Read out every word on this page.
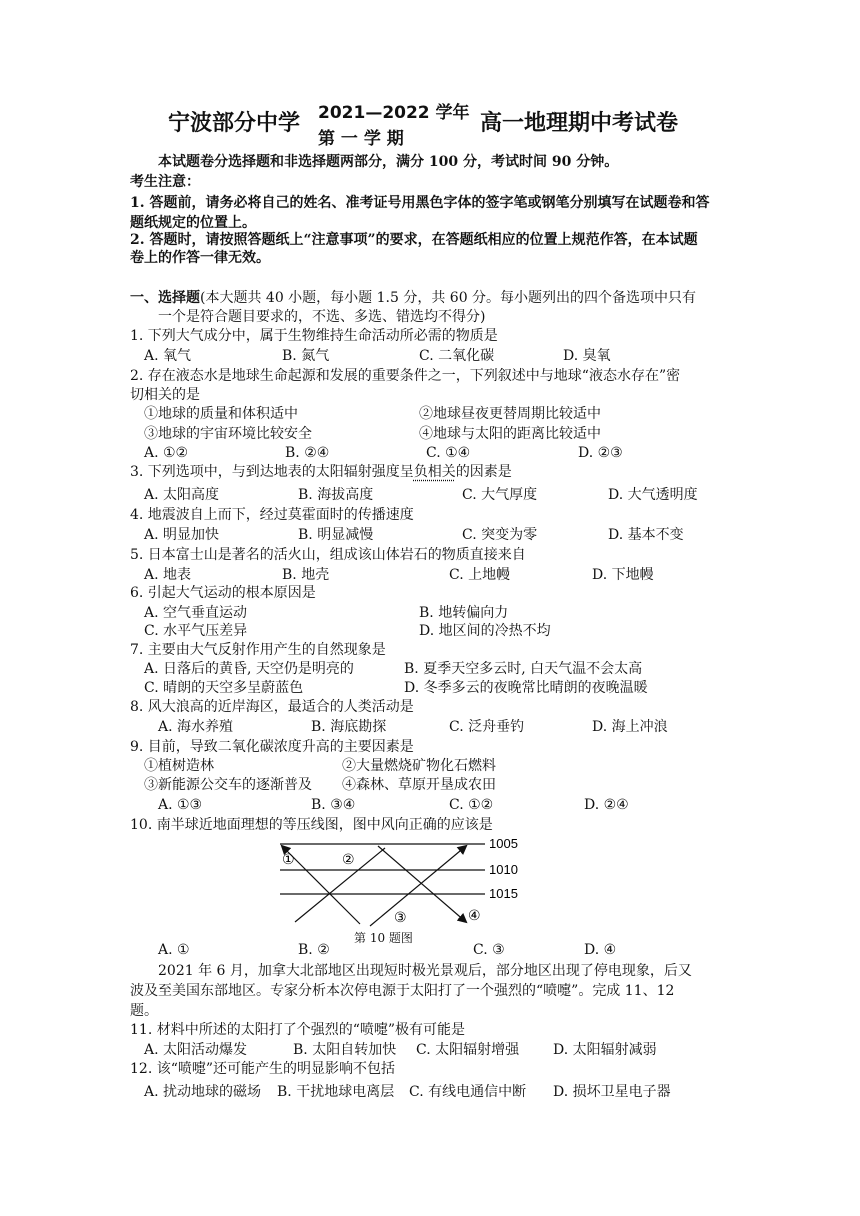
宁波部分中学 2021—2022 学年
第 一 学 期
高一地理期中考试卷
本试题卷分选择题和非选择题两部分，满分 100 分，考试时间 90 分钟。
考生注意：
1. 答题前，请务必将自己的姓名、准考证号用黑色字体的签字笔或钢笔分别填写在试题卷和答
题纸规定的位置上。
2. 答题时，请按照答题纸上“注意事项”的要求，在答题纸相应的位置上规范作答，在本试题
卷上的作答一律无效。
一、选择题(本大题共 40 小题，每小题 1.5 分，共 60 分。每小题列出的四个备选项中只有
一个是符合题目要求的，不选、多选、错选均不得分)
1. 下列大气成分中，属于生物维持生命活动所必需的物质是
A. 氧气	B. 氮气	C. 二氧化碳	D. 臭氧
2. 存在液态水是地球生命起源和发展的重要条件之一，下列叙述中与地球“液态水存在”密
切相关的是
①地球的质量和体积适中	②地球昼夜更替周期比较适中
③地球的宇宙环境比较安全	④地球与太阳的距离比较适中
A. ①②	B. ②④	C. ①④	D. ②③
3. 下列选项中，与到达地表的太阳辐射强度呈负相关的因素是
A. 太阳高度	B. 海拔高度	C. 大气厚度	D. 大气透明度
4. 地震波自上而下，经过莫霍面时的传播速度
A. 明显加快	B. 明显减慢	C. 突变为零	D. 基本不变
5. 日本富士山是著名的活火山，组成该山体岩石的物质直接来自
A. 地表	B. 地壳	C. 上地幔	D. 下地幔
6. 引起大气运动的根本原因是
A. 空气垂直运动	B. 地转偏向力
C. 水平气压差异	D. 地区间的冷热不均
7. 主要由大气反射作用产生的自然现象是
A. 日落后的黄昏, 天空仍是明亮的	B. 夏季天空多云时, 白天气温不会太高
C. 晴朗的天空多呈蔚蓝色	D. 冬季多云的夜晚常比晴朗的夜晚温暖
8. 风大浪高的近岸海区，最适合的人类活动是
A. 海水养殖	B. 海底勘探	C. 泛舟垂钓	D. 海上冲浪
9. 目前，导致二氧化碳浓度升高的主要因素是
①植树造林	②大量燃烧矿物化石燃料
③新能源公交车的逐渐普及 ④森林、草原开垦成农田
A. ①③	B. ③④	C. ①②	D. ②④
10. 南半球近地面理想的等压线图，图中风向正确的应该是
1005
1010
1015
①	②
③	④
第 10 题图
A. ①	B. ②	C. ③	D. ④
2021 年 6 月，加拿大北部地区出现短时极光景观后，部分地区出现了停电现象，后又
波及至美国东部地区。专家分析本次停电源于太阳打了一个强烈的“喷嚏”。完成 11、12
题。
11. 材料中所述的太阳打了个强烈的“喷嚏”极有可能是
A. 太阳活动爆发	B. 太阳自转加快 C. 太阳辐射增强 D. 太阳辐射减弱
12. 该“喷嚏”还可能产生的明显影响不包括
A. 扰动地球的磁场 B. 干扰地球电离层 C. 有线电通信中断 D. 损坏卫星电子器
